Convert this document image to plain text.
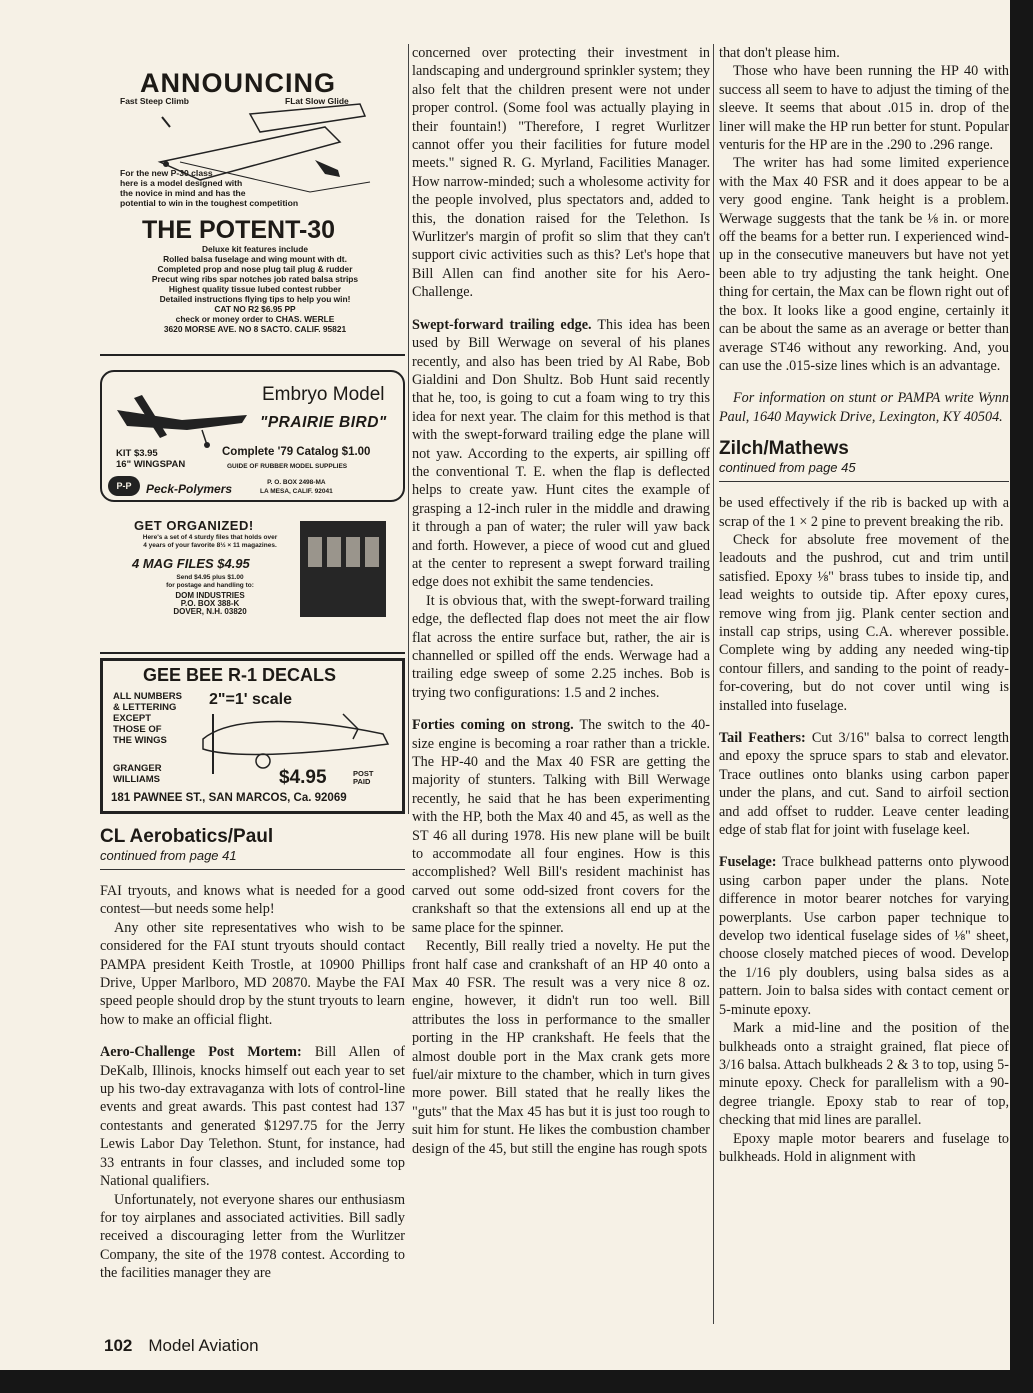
ANNOUNCING
Fast Steep Climb	FLat Slow Glide
For the new P-30 class
here is a model designed with
the novice in mind and has the
potential to win in the toughest competition
THE POTENT-30
Deluxe kit features include
Rolled balsa fuselage and wing mount with dt.
Completed prop and nose plug tail plug & rudder
Precut wing ribs spar notches job rated balsa strips
Highest quality tissue lubed contest rubber
Detailed instructions flying tips to help you win!
CAT NO R2 $6.95 PP
check or money order to CHAS. WERLE
3620 MORSE AVE. NO 8 SACTO. CALIF. 95821
Embryo Model
"PRAIRIE BIRD"
KIT $3.95
16" WINGSPAN
Complete '79 Catalog $1.00
GUIDE OF RUBBER MODEL SUPPLIES
P-P	Peck-Polymers	P. O. BOX 2498-MA
LA MESA, CALIF. 92041
GET ORGANIZED!
Here's a set of 4 sturdy files that holds over
4 years of your favorite 8½ × 11 magazines.
4 MAG FILES $4.95
Send $4.95 plus $1.00
for postage and handling to:
DOM INDUSTRIES
P.O. BOX 388-K
DOVER, N.H. 03820
GEE BEE R-1 DECALS
ALL NUMBERS
& LETTERING
EXCEPT
THOSE OF
THE WINGS
2"=1' scale
GRANGER
WILLIAMS	$4.95	POST
PAID
181 PAWNEE ST., SAN MARCOS, Ca. 92069
CL Aerobatics/Paul
continued from page 41

FAI tryouts, and knows what is needed for a good contest—but needs some help!

Any other site representatives who wish to be considered for the FAI stunt tryouts should contact PAMPA president Keith Trostle, at 10900 Phillips Drive, Upper Marlboro, MD 20870. Maybe the FAI speed people should drop by the stunt tryouts to learn how to make an official flight.

Aero-Challenge Post Mortem: Bill Allen of DeKalb, Illinois, knocks himself out each year to set up his two-day extravaganza with lots of control-line events and great awards. This past contest had 137 contestants and generated $1297.75 for the Jerry Lewis Labor Day Telethon. Stunt, for instance, had 33 entrants in four classes, and included some top National qualifiers.

Unfortunately, not everyone shares our enthusiasm for toy airplanes and associated activities. Bill sadly received a discouraging letter from the Wurlitzer Company, the site of the 1978 contest. According to the facilities manager they are

concerned over protecting their investment in landscaping and underground sprinkler system; they also felt that the children present were not under proper control. (Some fool was actually playing in their fountain!) "Therefore, I regret Wurlitzer cannot offer you their facilities for future model meets." signed R. G. Myrland, Facilities Manager. How narrow-minded; such a wholesome activity for the people involved, plus spectators and, added to this, the donation raised for the Telethon. Is Wurlitzer's margin of profit so slim that they can't support civic activities such as this? Let's hope that Bill Allen can find another site for his Aero-Challenge.

Swept-forward trailing edge. This idea has been used by Bill Werwage on several of his planes recently, and also has been tried by Al Rabe, Bob Gialdini and Don Shultz. Bob Hunt said recently that he, too, is going to cut a foam wing to try this idea for next year. The claim for this method is that with the swept-forward trailing edge the plane will not yaw. According to the experts, air spilling off the conventional T. E. when the flap is deflected helps to create yaw. Hunt cites the example of grasping a 12-inch ruler in the middle and drawing it through a pan of water; the ruler will yaw back and forth. However, a piece of wood cut and glued at the center to represent a swept forward trailing edge does not exhibit the same tendencies.

It is obvious that, with the swept-forward trailing edge, the deflected flap does not meet the air flow flat across the entire surface but, rather, the air is channelled or spilled off the ends. Werwage had a trailing edge sweep of some 2.25 inches. Bob is trying two configurations: 1.5 and 2 inches.

Forties coming on strong. The switch to the 40-size engine is becoming a roar rather than a trickle. The HP-40 and the Max 40 FSR are getting the majority of stunters. Talking with Bill Werwage recently, he said that he has been experimenting with the HP, both the Max 40 and 45, as well as the ST 46 all during 1978. His new plane will be built to accommodate all four engines. How is this accomplished? Well Bill's resident machinist has carved out some odd-sized front covers for the crankshaft so that the extensions all end up at the same place for the spinner.

Recently, Bill really tried a novelty. He put the front half case and crankshaft of an HP 40 onto a Max 40 FSR. The result was a very nice 8 oz. engine, however, it didn't run too well. Bill attributes the loss in performance to the smaller porting in the HP crankshaft. He feels that the almost double port in the Max crank gets more fuel/air mixture to the chamber, which in turn gives more power. Bill stated that he really likes the "guts" that the Max 45 has but it is just too rough to suit him for stunt. He likes the combustion chamber design of the 45, but still the engine has rough spots

that don't please him.

Those who have been running the HP 40 with success all seem to have to adjust the timing of the sleeve. It seems that about .015 in. drop of the liner will make the HP run better for stunt. Popular venturis for the HP are in the .290 to .296 range.

The writer has had some limited experience with the Max 40 FSR and it does appear to be a very good engine. Tank height is a problem. Werwage suggests that the tank be ⅛ in. or more off the beams for a better run. I experienced wind-up in the consecutive maneuvers but have not yet been able to try adjusting the tank height. One thing for certain, the Max can be flown right out of the box. It looks like a good engine, certainly it can be about the same as an average or better than average ST46 without any reworking. And, you can use the .015-size lines which is an advantage.

For information on stunt or PAMPA write Wynn Paul, 1640 Maywick Drive, Lexington, KY 40504.

Zilch/Mathews
continued from page 45

be used effectively if the rib is backed up with a scrap of the 1 × 2 pine to prevent breaking the rib.

Check for absolute free movement of the leadouts and the pushrod, cut and trim until satisfied. Epoxy ⅛" brass tubes to inside tip, and lead weights to outside tip. After epoxy cures, remove wing from jig. Plank center section and install cap strips, using C.A. wherever possible. Complete wing by adding any needed wing-tip contour fillers, and sanding to the point of ready-for-covering, but do not cover until wing is installed into fuselage.

Tail Feathers: Cut 3/16" balsa to correct length and epoxy the spruce spars to stab and elevator. Trace outlines onto blanks using carbon paper under the plans, and cut. Sand to airfoil section and add offset to rudder. Leave center leading edge of stab flat for joint with fuselage keel.

Fuselage: Trace bulkhead patterns onto plywood using carbon paper under the plans. Note difference in motor bearer notches for varying powerplants. Use carbon paper technique to develop two identical fuselage sides of ⅛" sheet, choose closely matched pieces of wood. Develop the 1/16 ply doublers, using balsa sides as a pattern. Join to balsa sides with contact cement or 5-minute epoxy.

Mark a mid-line and the position of the bulkheads onto a straight grained, flat piece of 3/16 balsa. Attach bulkheads 2 & 3 to top, using 5-minute epoxy. Check for parallelism with a 90-degree triangle. Epoxy stab to rear of top, checking that mid lines are parallel.

Epoxy maple motor bearers and fuselage to bulkheads. Hold in alignment with

102 Model Aviation
